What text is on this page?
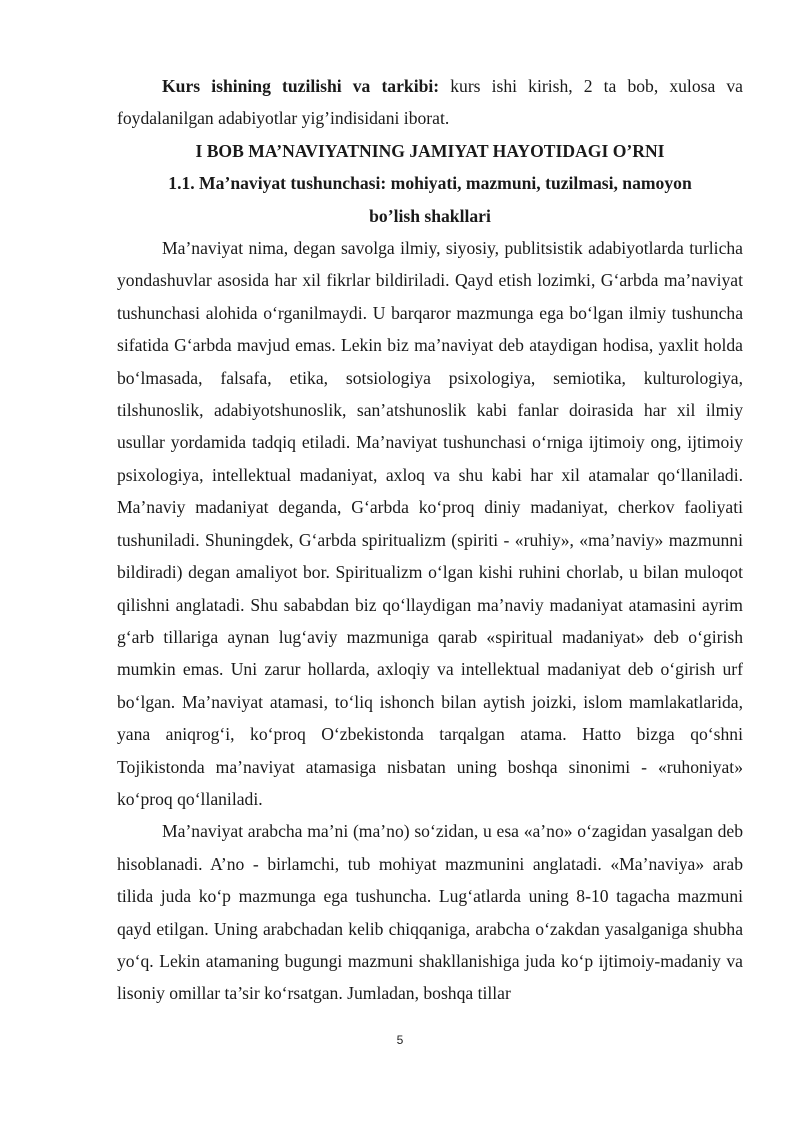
Kurs ishining tuzilishi va tarkibi: kurs ishi kirish, 2 ta bob, xulosa va foydalanilgan adabiyotlar yig’indisidani iborat.

I BOB MA’NAVIYATNING JAMIYAT HAYOTIDAGI O’RNI
1.1. Ma’naviyat tushunchasi: mohiyati, mazmuni, tuzilmasi, namoyon bo’lish shakllari

Ma’naviyat nima, degan savolga ilmiy, siyosiy, publitsistik adabiyotlarda turlicha yondashuvlar asosida har xil fikrlar bildiriladi. Qayd etish lozimki, G‘arbda ma’naviyat tushunchasi alohida o‘rganilmaydi. U barqaror mazmunga ega bo‘lgan ilmiy tushuncha sifatida G‘arbda mavjud emas. Lekin biz ma’naviyat deb ataydigan hodisa, yaxlit holda bo‘lmasada, falsafa, etika, sotsiologiya psixologiya, semiotika, kulturologiya, tilshunoslik, adabiyotshunoslik, san’atshunoslik kabi fanlar doirasida har xil ilmiy usullar yordamida tadqiq etiladi. Ma’naviyat tushunchasi o‘rniga ijtimoiy ong, ijtimoiy psixologiya, intellektual madaniyat, axloq va shu kabi har xil atamalar qo‘llaniladi. Ma’naviy madaniyat deganda, G‘arbda ko‘proq diniy madaniyat, cherkov faoliyati tushuniladi. Shuningdek, G‘arbda spiritualizm (spiriti - «ruhiy», «ma’naviy» mazmunni bildiradi) degan amaliyot bor. Spiritualizm o‘lgan kishi ruhini chorlab, u bilan muloqot qilishni anglatadi. Shu sababdan biz qo‘llaydigan ma’naviy madaniyat atamasini ayrim g‘arb tillariga aynan lug‘aviy mazmuniga qarab «spiritual madaniyat» deb o‘girish mumkin emas. Uni zarur hollarda, axloqiy va intellektual madaniyat deb o‘girish urf bo‘lgan. Ma’naviyat atamasi, to‘liq ishonch bilan aytish joizki, islom mamlakatlarida, yana aniqrog‘i, ko‘proq O‘zbekistonda tarqalgan atama. Hatto bizga qo‘shni Tojikistonda ma’naviyat atamasiga nisbatan uning boshqa sinonimi - «ruhoniyat» ko‘proq qo‘llaniladi.

Ma’naviyat arabcha ma’ni (ma’no) so‘zidan, u esa «a’no» o‘zagidan yasalgan deb hisoblanadi. A’no - birlamchi, tub mohiyat mazmunini anglatadi. «Ma’naviya» arab tilida juda ko‘p mazmunga ega tushuncha. Lug‘atlarda uning 8-10 tagacha mazmuni qayd etilgan. Uning arabchadan kelib chiqqaniga, arabcha o‘zakdan yasalganiga shubha yo‘q. Lekin atamaning bugungi mazmuni shakllanishiga juda ko‘p ijtimoiy-madaniy va lisoniy omillar ta’sir ko‘rsatgan. Jumladan, boshqa tillar

5
